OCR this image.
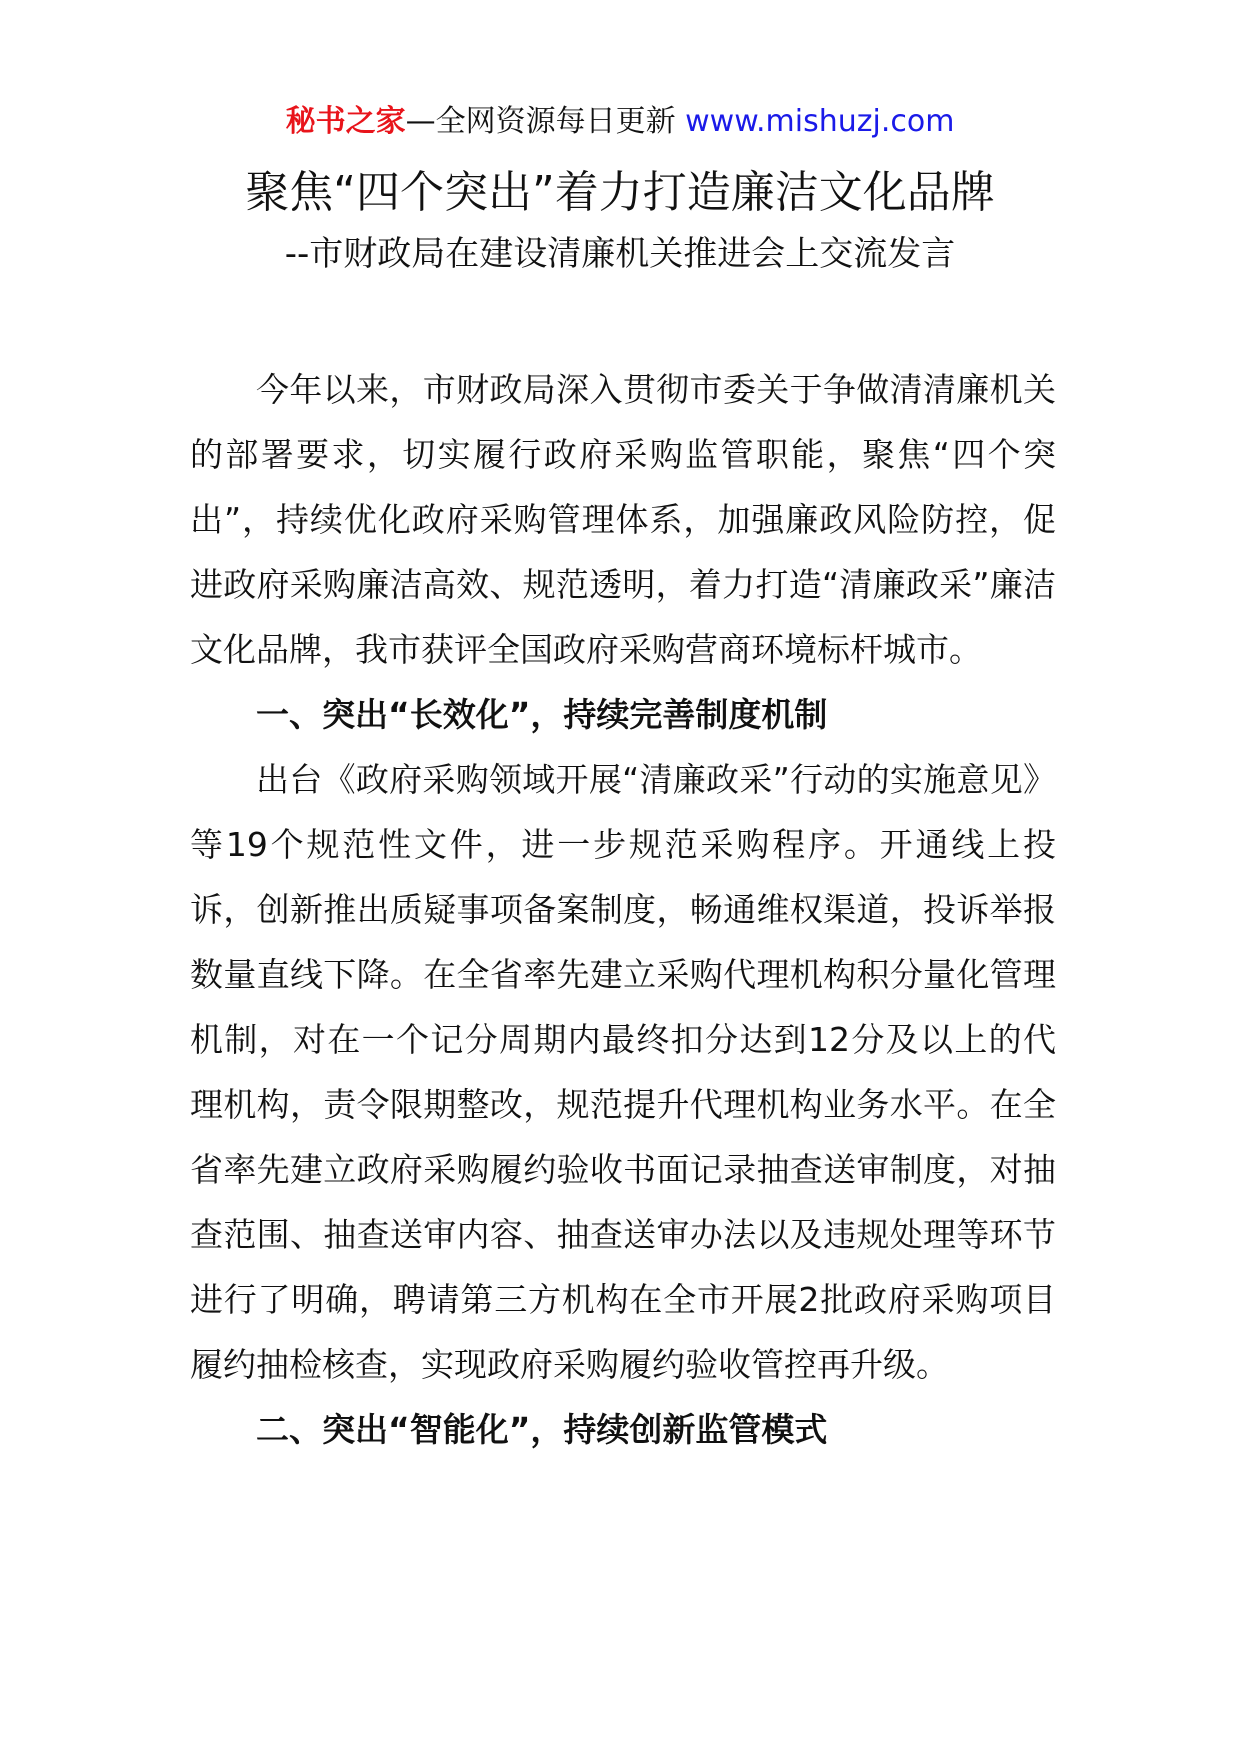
秘书之家—全网资源每日更新 www.mishuzj.com
聚焦“四个突出”着力打造廉洁文化品牌
--市财政局在建设清廉机关推进会上交流发言

今年以来，市财政局深入贯彻市委关于争做清清廉机关的部署要求，切实履行政府采购监管职能，聚焦“四个突出”，持续优化政府采购管理体系，加强廉政风险防控，促进政府采购廉洁高效、规范透明，着力打造“清廉政采”廉洁文化品牌，我市获评全国政府采购营商环境标杆城市。

一、突出“长效化”，持续完善制度机制

出台《政府采购领域开展“清廉政采”行动的实施意见》等19个规范性文件，进一步规范采购程序。开通线上投诉，创新推出质疑事项备案制度，畅通维权渠道，投诉举报数量直线下降。在全省率先建立采购代理机构积分量化管理机制，对在一个记分周期内最终扣分达到12分及以上的代理机构，责令限期整改，规范提升代理机构业务水平。在全省率先建立政府采购履约验收书面记录抽查送审制度，对抽查范围、抽查送审内容、抽查送审办法以及违规处理等环节进行了明确，聘请第三方机构在全市开展2批政府采购项目履约抽检核查，实现政府采购履约验收管控再升级。

二、突出“智能化”，持续创新监管模式
